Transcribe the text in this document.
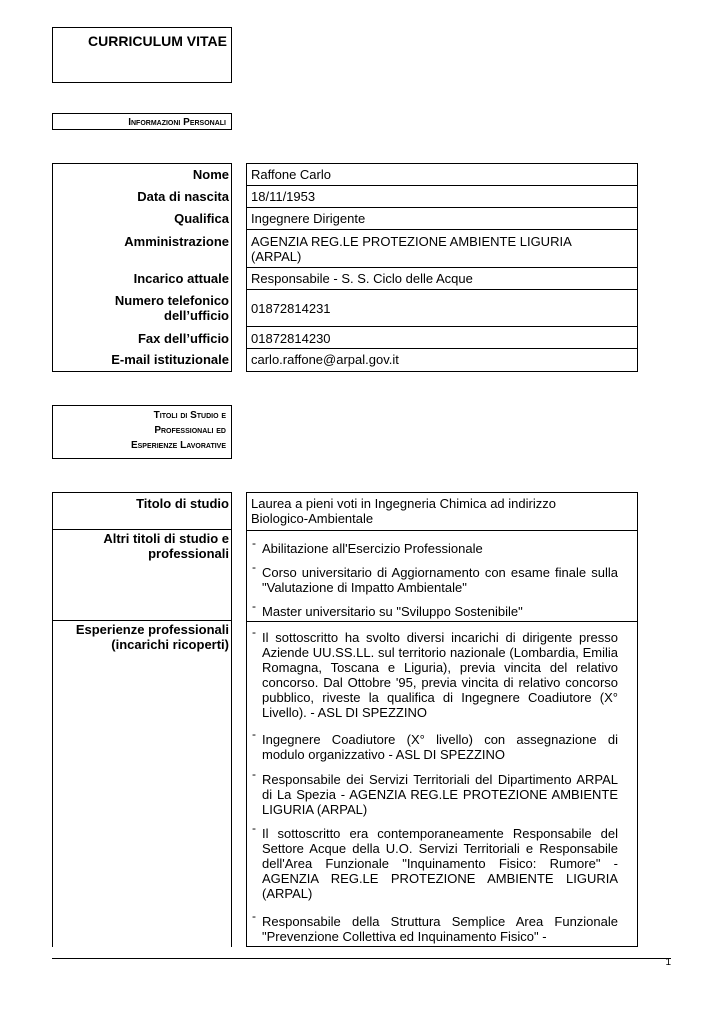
CURRICULUM VITAE
Informazioni Personali
Nome Raffone Carlo
Data di nascita 18/11/1953
Qualifica Ingegnere Dirigente
Amministrazione AGENZIA REG.LE PROTEZIONE AMBIENTE LIGURIA
(ARPAL)
Incarico attuale Responsabile - S. S. Ciclo delle Acque
Numero telefonico
dell’ufficio 01872814231
Fax dell’ufficio 01872814230
E-mail istituzionale carlo.raffone@arpal.gov.it
Titoli di Studio e
Professionali ed
Esperienze Lavorative
Titolo di studio Laurea a pieni voti in Ingegneria Chimica ad indirizzo
Biologico-Ambientale
Altri titoli di studio e
professionali
- Abilitazione all'Esercizio Professionale
- Corso universitario di Aggiornamento con esame finale sulla "Valutazione di Impatto Ambientale"
- Master universitario su "Sviluppo Sostenibile"
Esperienze professionali
(incarichi ricoperti)
- Il sottoscritto ha svolto diversi incarichi di dirigente presso Aziende UU.SS.LL. sul territorio nazionale (Lombardia, Emilia Romagna, Toscana e Liguria), previa vincita del relativo concorso. Dal Ottobre '95, previa vincita di relativo concorso pubblico, riveste la qualifica di Ingegnere Coadiutore (X° Livello). - ASL DI SPEZZINO
- Ingegnere Coadiutore (X° livello) con assegnazione di modulo organizzativo - ASL DI SPEZZINO
- Responsabile dei Servizi Territoriali del Dipartimento ARPAL di La Spezia - AGENZIA REG.LE PROTEZIONE AMBIENTE LIGURIA (ARPAL)
- Il sottoscritto era contemporaneamente Responsabile del Settore Acque della U.O. Servizi Territoriali e Responsabile dell'Area Funzionale "Inquinamento Fisico: Rumore" - AGENZIA REG.LE PROTEZIONE AMBIENTE LIGURIA (ARPAL)
- Responsabile della Struttura Semplice Area Funzionale "Prevenzione Collettiva ed Inquinamento Fisico" -
1
